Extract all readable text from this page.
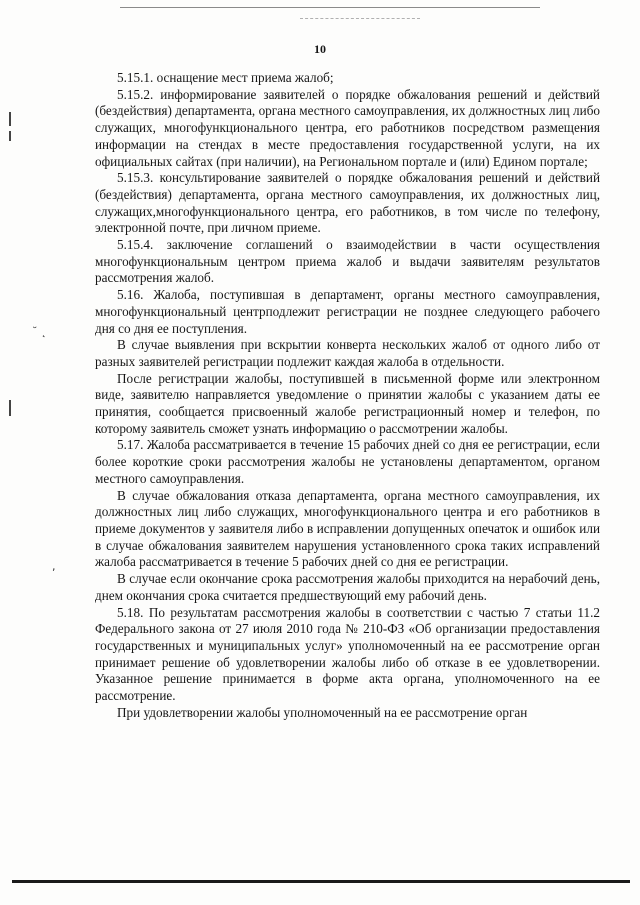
10

5.15.1. оснащение мест приема жалоб;

5.15.2. информирование заявителей о порядке обжалования решений и действий (бездействия) департамента, органа местного самоуправления, их должностных лиц либо служащих, многофункционального центра, его работников посредством размещения информации на стендах в месте предоставления государственной услуги, на их официальных сайтах (при наличии), на Региональном портале и (или) Едином портале;

5.15.3. консультирование заявителей о порядке обжалования решений и действий (бездействия) департамента, органа местного самоуправления, их должностных лиц, служащих,многофункционального центра, его работников, в том числе по телефону, электронной почте, при личном приеме.

5.15.4. заключение соглашений о взаимодействии в части осуществления многофункциональным центром приема жалоб и выдачи заявителям результатов рассмотрения жалоб.

5.16. Жалоба, поступившая в департамент, органы местного самоуправления, многофункциональный центрподлежит регистрации не позднее следующего рабочего дня со дня ее поступления.

В случае выявления при вскрытии конверта нескольких жалоб от одного либо от разных заявителей регистрации подлежит каждая жалоба в отдельности.

После регистрации жалобы, поступившей в письменной форме или электронном виде, заявителю направляется уведомление о принятии жалобы с указанием даты ее принятия, сообщается присвоенный жалобе регистрационный номер и телефон, по которому заявитель сможет узнать информацию о рассмотрении жалобы.

5.17. Жалоба рассматривается в течение 15 рабочих дней со дня ее регистрации, если более короткие сроки рассмотрения жалобы не установлены департаментом, органом местного самоуправления.

В случае обжалования отказа департамента, органа местного самоуправления, их должностных лиц либо служащих, многофункционального центра и его работников в приеме документов у заявителя либо в исправлении допущенных опечаток и ошибок или в случае обжалования заявителем нарушения установленного срока таких исправлений жалоба рассматривается в течение 5 рабочих дней со дня ее регистрации.

В случае если окончание срока рассмотрения жалобы приходится на нерабочий день, днем окончания срока считается предшествующий ему рабочий день.

5.18. По результатам рассмотрения жалобы в соответствии с частью 7 статьи 11.2 Федерального закона от 27 июля 2010 года № 210-ФЗ «Об организации предоставления государственных и муниципальных услуг» уполномоченный на ее рассмотрение орган принимает решение об удовлетворении жалобы либо об отказе в ее удовлетворении. Указанное решение принимается в форме акта органа, уполномоченного на ее рассмотрение.

При удовлетворении жалобы уполномоченный на ее рассмотрение орган

˘ ˛
,
